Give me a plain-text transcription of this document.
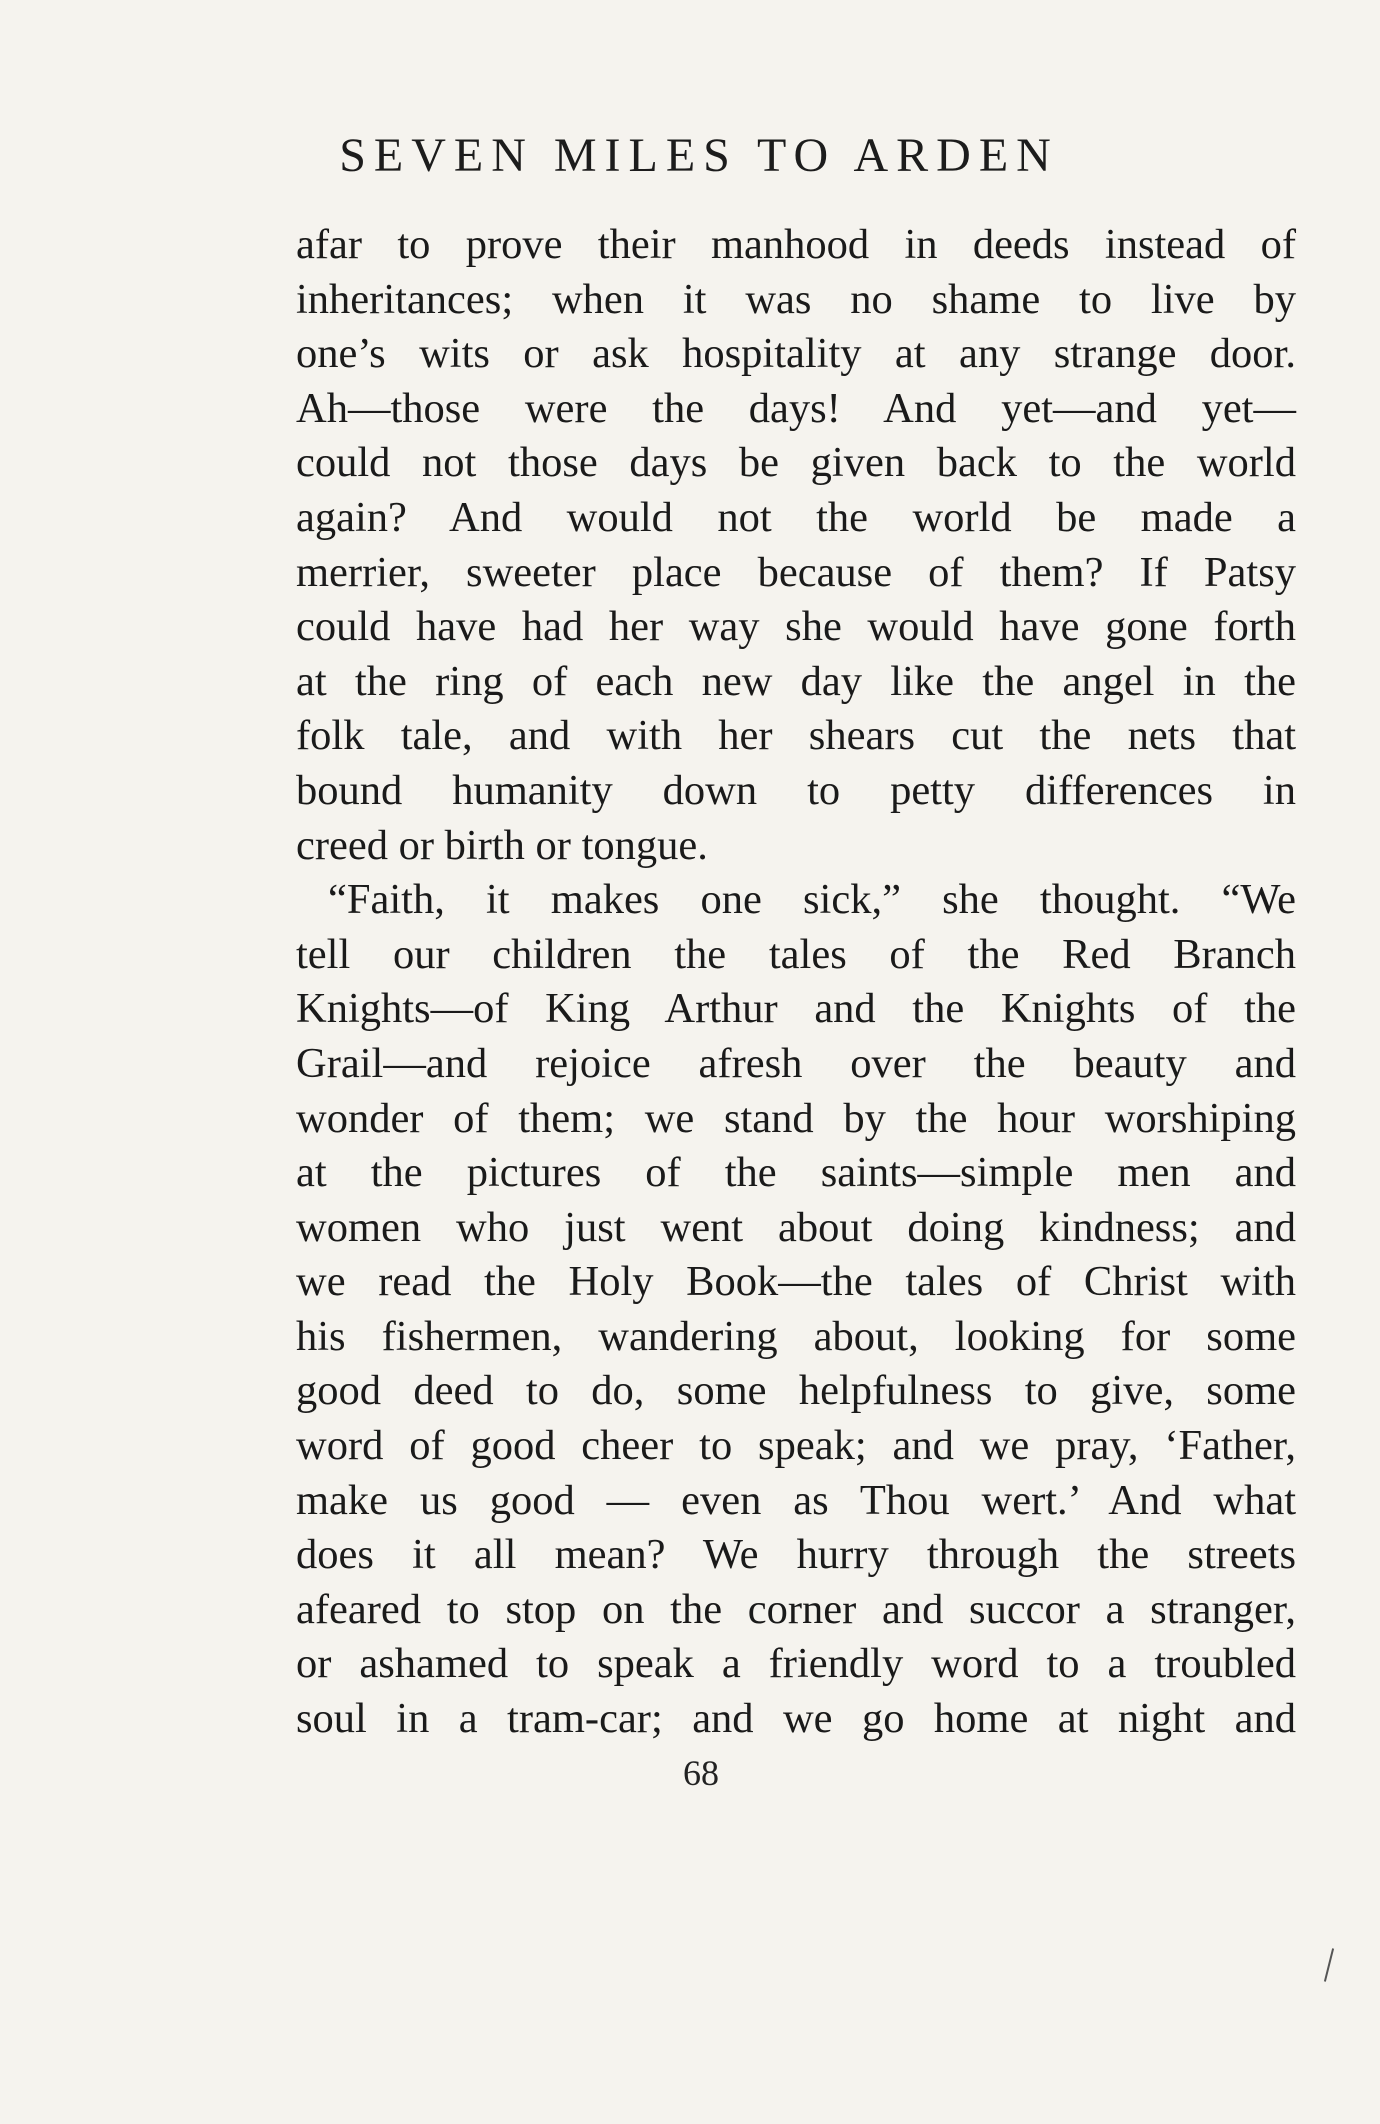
SEVEN MILES TO ARDEN
afar to prove their manhood in deeds instead of
inheritances; when it was no shame to live by
one’s wits or ask hospitality at any strange door.
Ah—those were the days! And yet—and yet—
could not those days be given back to the world
again? And would not the world be made a
merrier, sweeter place because of them? If Patsy
could have had her way she would have gone forth
at the ring of each new day like the angel in the
folk tale, and with her shears cut the nets that
bound humanity down to petty differences in
creed or birth or tongue.
“Faith, it makes one sick,” she thought. “We
tell our children the tales of the Red Branch
Knights—of King Arthur and the Knights of the
Grail—and rejoice afresh over the beauty and
wonder of them; we stand by the hour worshiping
at the pictures of the saints—simple men and
women who just went about doing kindness; and
we read the Holy Book—the tales of Christ with
his fishermen, wandering about, looking for some
good deed to do, some helpfulness to give, some
word of good cheer to speak; and we pray, ‘Father,
make us good — even as Thou wert.’ And what
does it all mean? We hurry through the streets
afeared to stop on the corner and succor a stranger,
or ashamed to speak a friendly word to a troubled
soul in a tram-car; and we go home at night and
68
